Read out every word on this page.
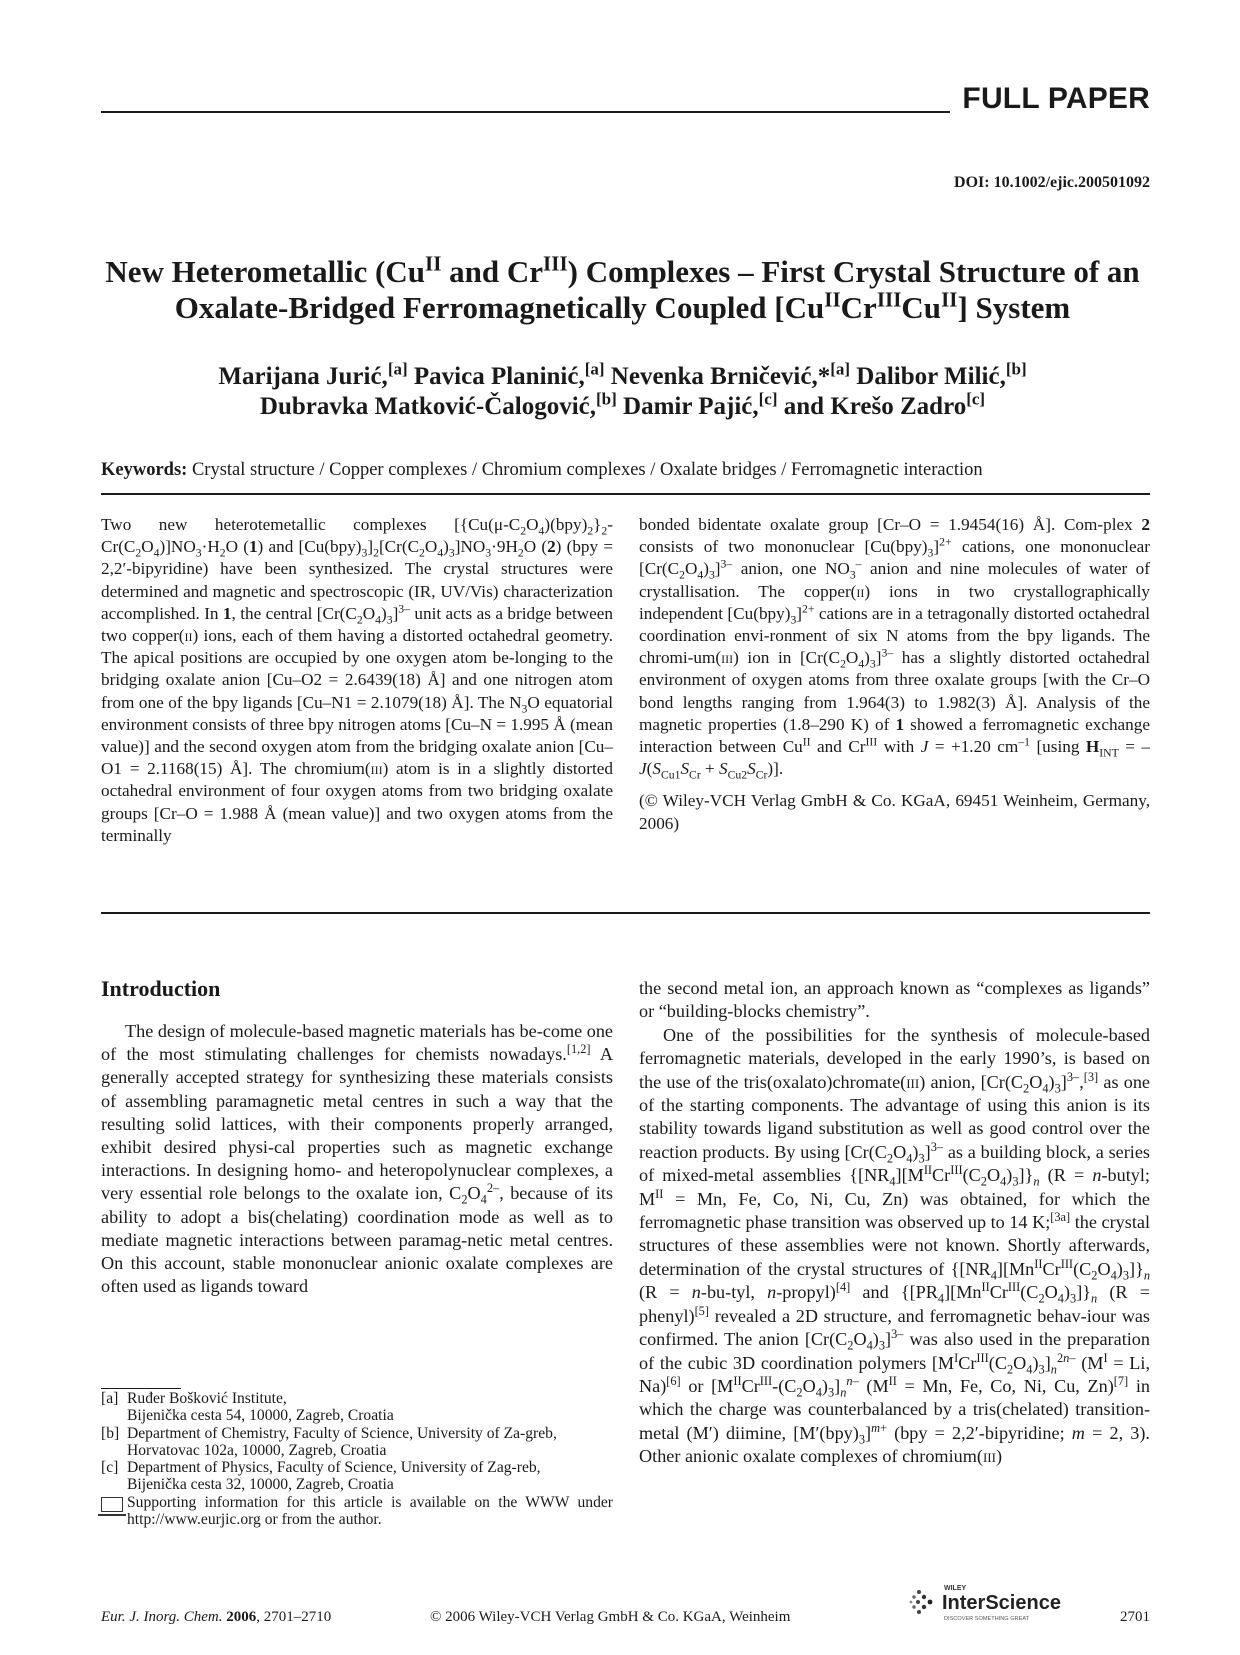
FULL PAPER
DOI: 10.1002/ejic.200501092
New Heterometallic ($Cu^{II}$ and $Cr^{III}$) Complexes – First Crystal Structure of an
Oxalate-Bridged Ferromagnetically Coupled $[Cu^{II}Cr^{III}Cu^{II}]$ System
Marijana Jurić,[a] Pavica Planinić,[a] Nevenka Brničević,*[a] Dalibor Milić,[b]
Dubravka Matković-Čalogović,[b] Damir Pajić,[c] and Krešo Zadro[c]
Keywords: Crystal structure / Copper complexes / Chromium complexes / Oxalate bridges / Ferromagnetic interaction

Two new heterotemetallic complexes $[\{Cu(\mu-C_2O_4)(bpy)_2\}_2-Cr(C_2O_4)]NO_3\cdot H_2O$ (1) and $[Cu(bpy)_3]_2[Cr(C_2O_4)_3]NO_3\cdot 9H_2O$ (2) (bpy = 2,2′-bipyridine) have been synthesized. The crystal structures were determined and magnetic and spectroscopic (IR, UV/Vis) characterization accomplished. In 1, the central $[Cr(C_2O_4)_3]^{3-}$ unit acts as a bridge between two copper(ii) ions, each of them having a distorted octahedral geometry. The apical positions are occupied by one oxygen atom be-longing to the bridging oxalate anion [Cu–O2 = 2.6439(18) Å] and one nitrogen atom from one of the bpy ligands [Cu–N1 = 2.1079(18) Å]. The $N_3O$ equatorial environment consists of three bpy nitrogen atoms [Cu–N = 1.995 Å (mean value)] and the second oxygen atom from the bridging oxalate anion [Cu–O1 = 2.1168(15) Å]. The chromium(iii) atom is in a slightly distorted octahedral environment of four oxygen atoms from two bridging oxalate groups [Cr–O = 1.988 Å (mean value)] and two oxygen atoms from the terminally

bonded bidentate oxalate group [Cr–O = 1.9454(16) Å]. Com-plex 2 consists of two mononuclear $[Cu(bpy)_3]^{2+}$ cations, one mononuclear $[Cr(C_2O_4)_3]^{3-}$ anion, one $NO_3^-$ anion and nine molecules of water of crystallisation. The copper(ii) ions in two crystallographically independent $[Cu(bpy)_3]^{2+}$ cations are in a tetragonally distorted octahedral coordination envi-ronment of six N atoms from the bpy ligands. The chromi-um(iii) ion in $[Cr(C_2O_4)_3]^{3-}$ has a slightly distorted octahedral environment of oxygen atoms from three oxalate groups [with the Cr–O bond lengths ranging from 1.964(3) to 1.982(3) Å]. Analysis of the magnetic properties (1.8–290 K) of 1 showed a ferromagnetic exchange interaction between $Cu^{II}$ and $Cr^{III}$ with J = +1.20 $cm^{-1}$ [using $H_{INT} = -J(S_{Cu1}S_{Cr} + S_{Cu2}S_{Cr})$].

(© Wiley-VCH Verlag GmbH & Co. KGaA, 69451 Weinheim, Germany, 2006)

Introduction

The design of molecule-based magnetic materials has be-come one of the most stimulating challenges for chemists nowadays.[1,2] A generally accepted strategy for synthesizing these materials consists of assembling paramagnetic metal centres in such a way that the resulting solid lattices, with their components properly arranged, exhibit desired physi-cal properties such as magnetic exchange interactions. In designing homo- and heteropolynuclear complexes, a very essential role belongs to the oxalate ion, $C_2O_4^{2-}$, because of its ability to adopt a bis(chelating) coordination mode as well as to mediate magnetic interactions between paramag-netic metal centres. On this account, stable mononuclear anionic oxalate complexes are often used as ligands toward

the second metal ion, an approach known as “complexes as ligands” or “building-blocks chemistry”.

One of the possibilities for the synthesis of molecule-based ferromagnetic materials, developed in the early 1990’s, is based on the use of the tris(oxalato)chromate(iii) anion, $[Cr(C_2O_4)_3]^{3-},[3]$ as one of the starting components. The advantage of using this anion is its stability towards ligand substitution as well as good control over the reaction products. By using $[Cr(C_2O_4)_3]^{3-}$ as a building block, a series of mixed-metal assemblies $\{[NR_4][M^{II}Cr^{III}(C_2O_4)_3]\}_n$ (R = n-butyl; $M^{II} = Mn$, Fe, Co, Ni, Cu, Zn) was obtained, for which the ferromagnetic phase transition was observed up to 14 K;[3a] the crystal structures of these assemblies were not known. Shortly afterwards, determination of the crystal structures of $\{[NR_4][Mn^{II}Cr^{III}(C_2O_4)_3]\}_n$ (R = n-bu-tyl, n-propyl)[4] and $\{[PR_4][Mn^{II}Cr^{III}(C_2O_4)_3]\}_n$ (R = phenyl)[5] revealed a 2D structure, and ferromagnetic behav-iour was confirmed. The anion $[Cr(C_2O_4)_3]^{3-}$ was also used in the preparation of the cubic 3D coordination polymers $[M^ICr^{III}(C_2O_4)_3]_n^{2n-}$ ($M^I = Li$, Na)[6] or $[M^{II}Cr^{III}-(C_2O_4)_3]_n^{n-}$ ($M^{II} = Mn$, Fe, Co, Ni, Cu, Zn)[7] in which the charge was counterbalanced by a tris(chelated) transition-metal (M′) diimine, $[M'(bpy)_3]^{m+}$ (bpy = 2,2′-bipyridine; m = 2, 3). Other anionic oxalate complexes of chromium(iii)

[a] Ruđer Bošković Institute,
Bijenička cesta 54, 10000, Zagreb, Croatia
[b] Department of Chemistry, Faculty of Science, University of Za-greb,
Horvatovac 102a, 10000, Zagreb, Croatia
[c] Department of Physics, Faculty of Science, University of Zag-reb,
Bijenička cesta 32, 10000, Zagreb, Croatia
Supporting information for this article is available on the WWW under http://www.eurjic.org or from the author.
Eur. J. Inorg. Chem. 2006, 2701–2710	© 2006 Wiley-VCH Verlag GmbH & Co. KGaA, Weinheim
WILEY
InterScience
DISCOVER SOMETHING GREAT	2701
